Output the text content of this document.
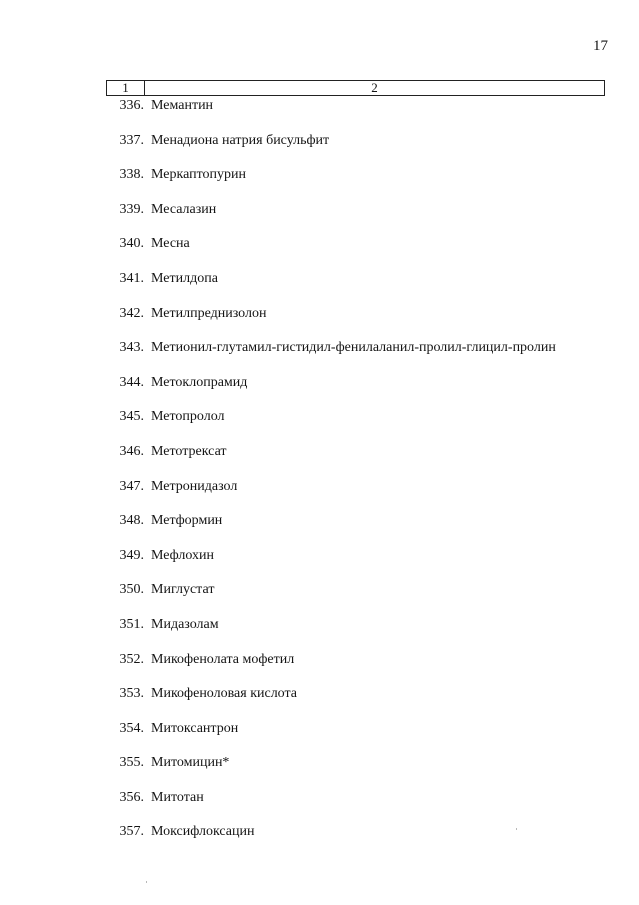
17
1	2
336. Мемантин
337. Менадиона натрия бисульфит
338. Меркаптопурин
339. Месалазин
340. Месна
341. Метилдопа
342. Метилпреднизолон
343. Метионил-глутамил-гистидил-фенилаланил-пролил-глицил-пролин
344. Метоклопрамид
345. Метопролол
346. Метотрексат
347. Метронидазол
348. Метформин
349. Мефлохин
350. Миглустат
351. Мидазолам
352. Микофенолата мофетил
353. Микофеноловая кислота
354. Митоксантрон
355. Митомицин*
356. Митотан
357. Моксифлоксацин
